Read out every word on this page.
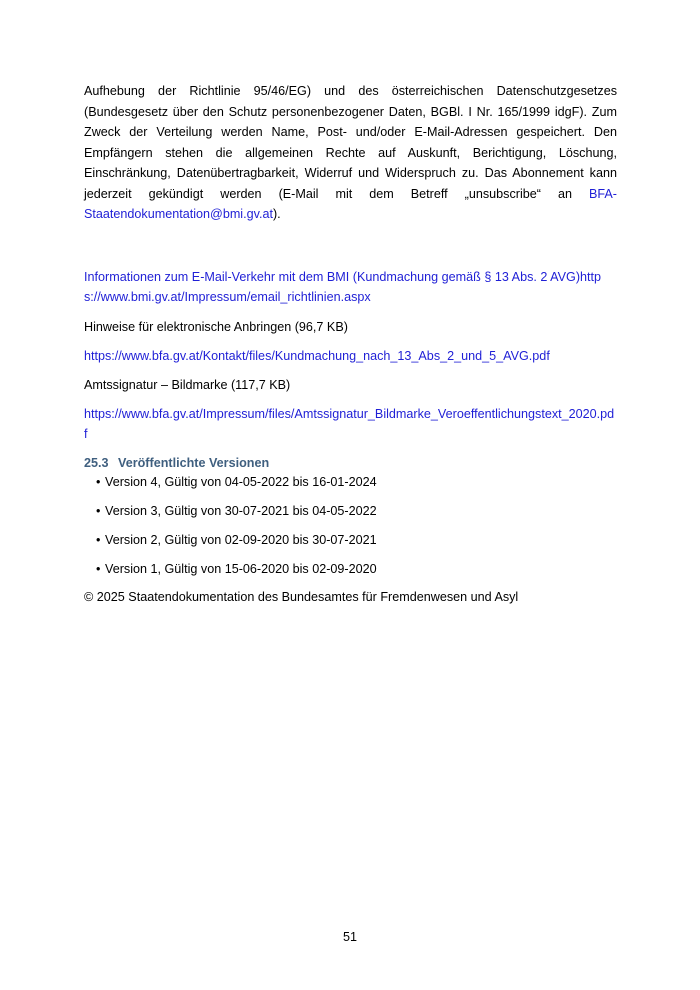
Aufhebung der Richtlinie 95/46/EG) und des österreichischen Datenschutzgesetzes (Bundesgesetz über den Schutz personenbezogener Daten, BGBl. I Nr. 165/1999 idgF). Zum Zweck der Verteilung werden Name, Post- und/oder E-Mail-Adressen gespeichert. Den Empfängern stehen die allgemeinen Rechte auf Auskunft, Berichtigung, Löschung, Einschränkung, Datenübertragbarkeit, Widerruf und Widerspruch zu. Das Abonnement kann jederzeit gekündigt werden (E-Mail mit dem Betreff „unsubscribe“ an BFA-Staatendokumentation@bmi.gv.at).

Informationen zum E-Mail-Verkehr mit dem BMI (Kundmachung gemäß § 13 Abs. 2 AVG)https://www.bmi.gv.at/Impressum/email_richtlinien.aspx

Hinweise für elektronische Anbringen (96,7 KB)

https://www.bfa.gv.at/Kontakt/files/Kundmachung_nach_13_Abs_2_und_5_AVG.pdf

Amtssignatur – Bildmarke (117,7 KB)

https://www.bfa.gv.at/Impressum/files/Amtssignatur_Bildmarke_Veroeffentlichungstext_2020.pdf

25.3 Veröffentlichte Versionen
• Version 4, Gültig von 04-05-2022 bis 16-01-2024
• Version 3, Gültig von 30-07-2021 bis 04-05-2022
• Version 2, Gültig von 02-09-2020 bis 30-07-2021
• Version 1, Gültig von 15-06-2020 bis 02-09-2020

© 2025 Staatendokumentation des Bundesamtes für Fremdenwesen und Asyl

51
